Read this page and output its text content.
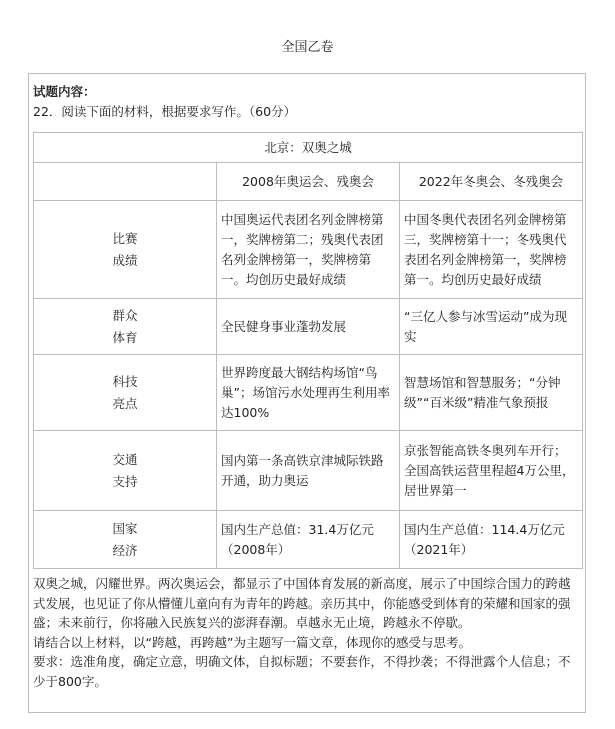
全国乙卷
试题内容：
22．阅读下面的材料，根据要求写作。（60分）
北京：双奥之城		
	2008年奥运会、残奥会	2022年冬奥会、冬残奥会
比赛
成绩	中国奥运代表团名列金牌榜第一，奖牌榜第二；残奥代表团名列金牌榜第一，奖牌榜第一。均创历史最好成绩	中国冬奥代表团名列金牌榜第三，奖牌榜第十一；冬残奥代表团名列金牌榜第一，奖牌榜第一。均创历史最好成绩
群众
体育	全民健身事业蓬勃发展	“三亿人参与冰雪运动”成为现实
科技
亮点	世界跨度最大钢结构场馆“鸟巢”；场馆污水处理再生利用率达100%	智慧场馆和智慧服务；“分钟级”“百米级”精准气象预报
交通
支持	国内第一条高铁京津城际铁路开通，助力奥运	京张智能高铁冬奥列车开行；全国高铁运营里程超4万公里，居世界第一
国家
经济	国内生产总值：31.4万亿元（2008年）	国内生产总值：114.4万亿元（2021年）

双奥之城，闪耀世界。两次奥运会，都显示了中国体育发展的新高度，展示了中国综合国力的跨越式发展，也见证了你从懵懂儿童向有为青年的跨越。亲历其中，你能感受到体育的荣耀和国家的强盛；未来前行，你将融入民族复兴的澎湃春潮。卓越永无止境，跨越永不停歇。

请结合以上材料，以“跨越，再跨越”为主题写一篇文章，体现你的感受与思考。

要求：选准角度，确定立意，明确文体，自拟标题；不要套作，不得抄袭；不得泄露个人信息；不少于800字。
